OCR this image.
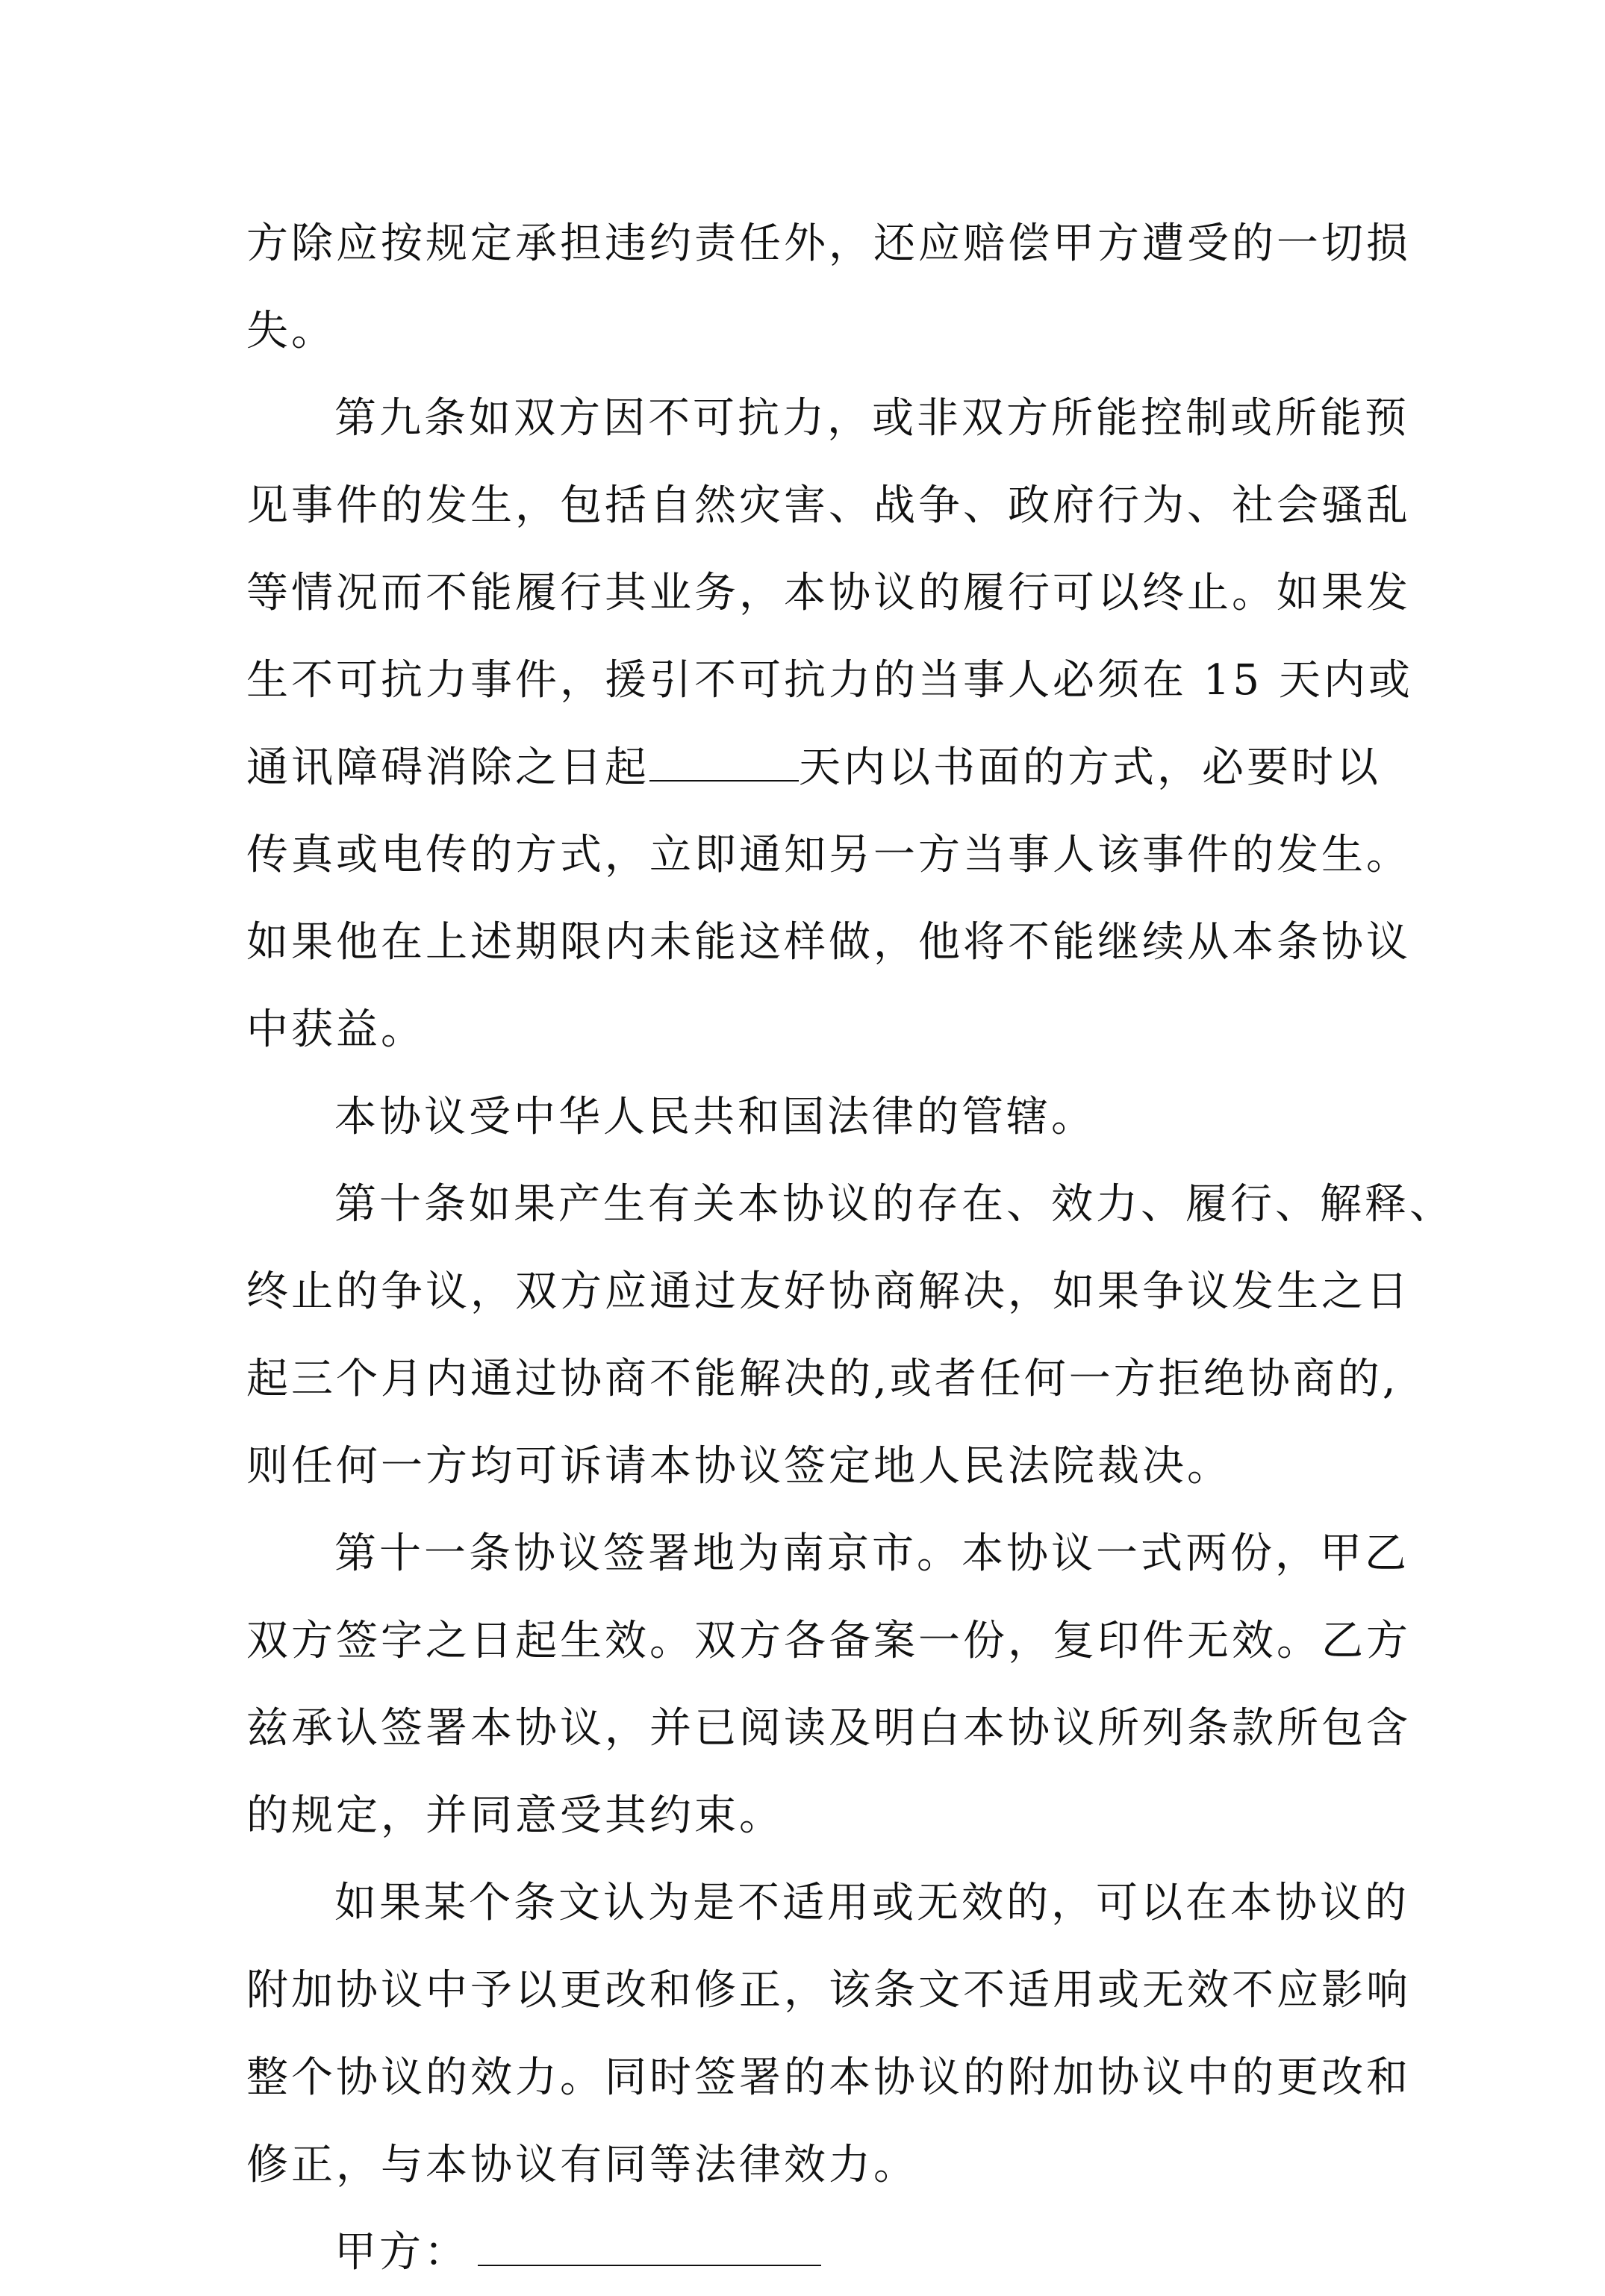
方除应按规定承担违约责任外，还应赔偿甲方遭受的一切损
失。
第九条如双方因不可抗力，或非双方所能控制或所能预
见事件的发生，包括自然灾害、战争、政府行为、社会骚乱
等情况而不能履行其业务，本协议的履行可以终止。如果发
生不可抗力事件，援引不可抗力的当事人必须在 15 天内或
通讯障碍消除之日起	天内以书面的方式，必要时以
传真或电传的方式，立即通知另一方当事人该事件的发生。
如果他在上述期限内未能这样做，他将不能继续从本条协议
中获益。
本协议受中华人民共和国法律的管辖。
第十条如果产生有关本协议的存在、效力、履行、解释、
终止的争议，双方应通过友好协商解决，如果争议发生之日
起三个月内通过协商不能解决的,或者任何一方拒绝协商的,
则任何一方均可诉请本协议签定地人民法院裁决。
第十一条协议签署地为南京市。本协议一式两份，甲乙
双方签字之日起生效。双方各备案一份，复印件无效。乙方
兹承认签署本协议，并已阅读及明白本协议所列条款所包含
的规定，并同意受其约束。
如果某个条文认为是不适用或无效的，可以在本协议的
附加协议中予以更改和修正，该条文不适用或无效不应影响
整个协议的效力。同时签署的本协议的附加协议中的更改和
修正，与本协议有同等法律效力。
甲方：
